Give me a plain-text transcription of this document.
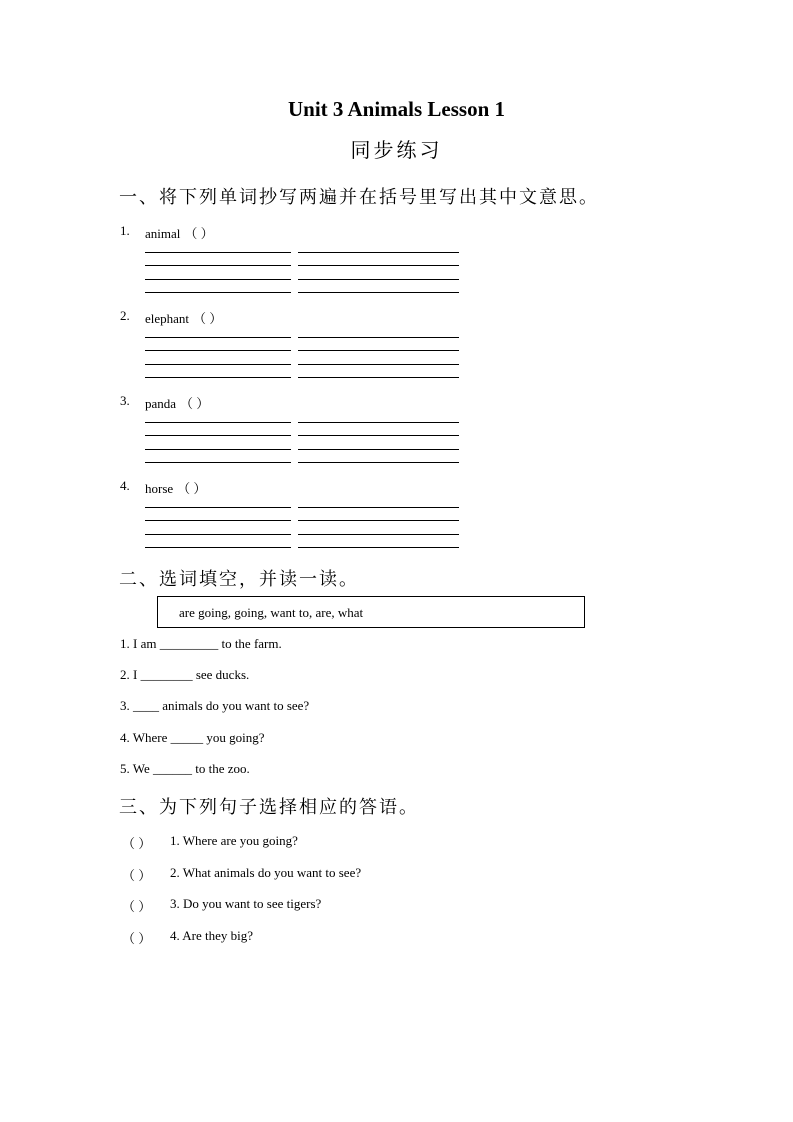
Unit 3 Animals Lesson 1
同步练习
一、将下列单词抄写两遍并在括号里写出其中文意思。
1. animal （ ）
2. elephant （ ）
3. panda （ ）
4. horse （ ）
二、选词填空，并读一读。
are going, going, want to, are, what
1. I am _________ to the farm.
2. I ________ see ducks.
3. ____ animals do you want to see?
4. Where _____ you going?
5. We ______ to the zoo.
三、为下列句子选择相应的答语。
（ ） 1. Where are you going?
（ ） 2. What animals do you want to see?
（ ） 3. Do you want to see tigers?
（ ） 4. Are they big?
